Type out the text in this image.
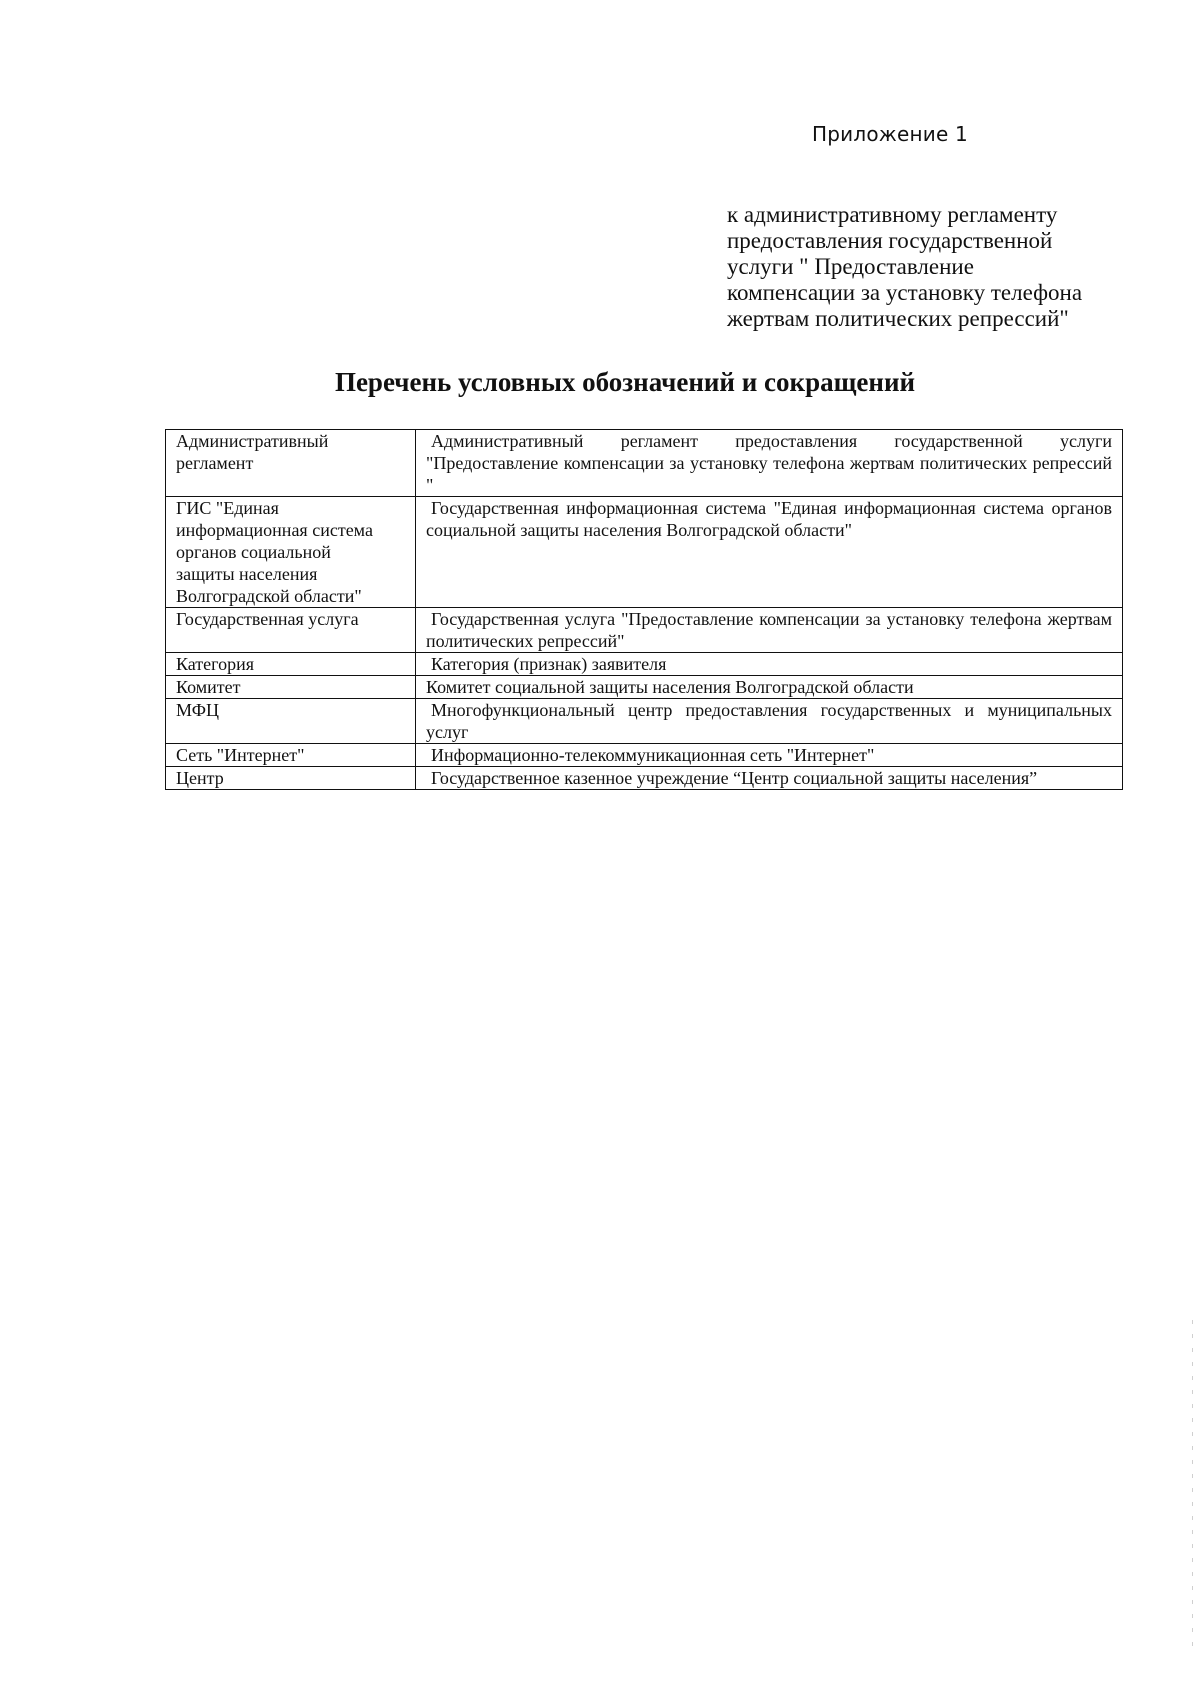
Приложение 1
к административному регламенту
предоставления государственной
услуги " Предоставление
компенсации за установку телефона
жертвам политических репрессий"
Перечень условных обозначений и сокращений
Административный
регламент	Административный регламент предоставления государственной услуги "Предоставление компенсации за установку телефона жертвам политических репрессий "

ГИС "Единая
информационная система
органов социальной
защиты населения
Волгоградской области"	Государственная информационная система "Единая информационная система органов социальной защиты населения Волгоградской области"

Государственная услуга	Государственная услуга "Предоставление компенсации за установку телефона жертвам политических репрессий"

Категория	Категория (признак) заявителя

Комитет	Комитет социальной защиты населения Волгоградской области

МФЦ	Многофункциональный центр предоставления государственных и муниципальных услуг

Сеть "Интернет"	Информационно-телекоммуникационная сеть "Интернет"

Центр	Государственное казенное учреждение “Центр социальной защиты населения”
